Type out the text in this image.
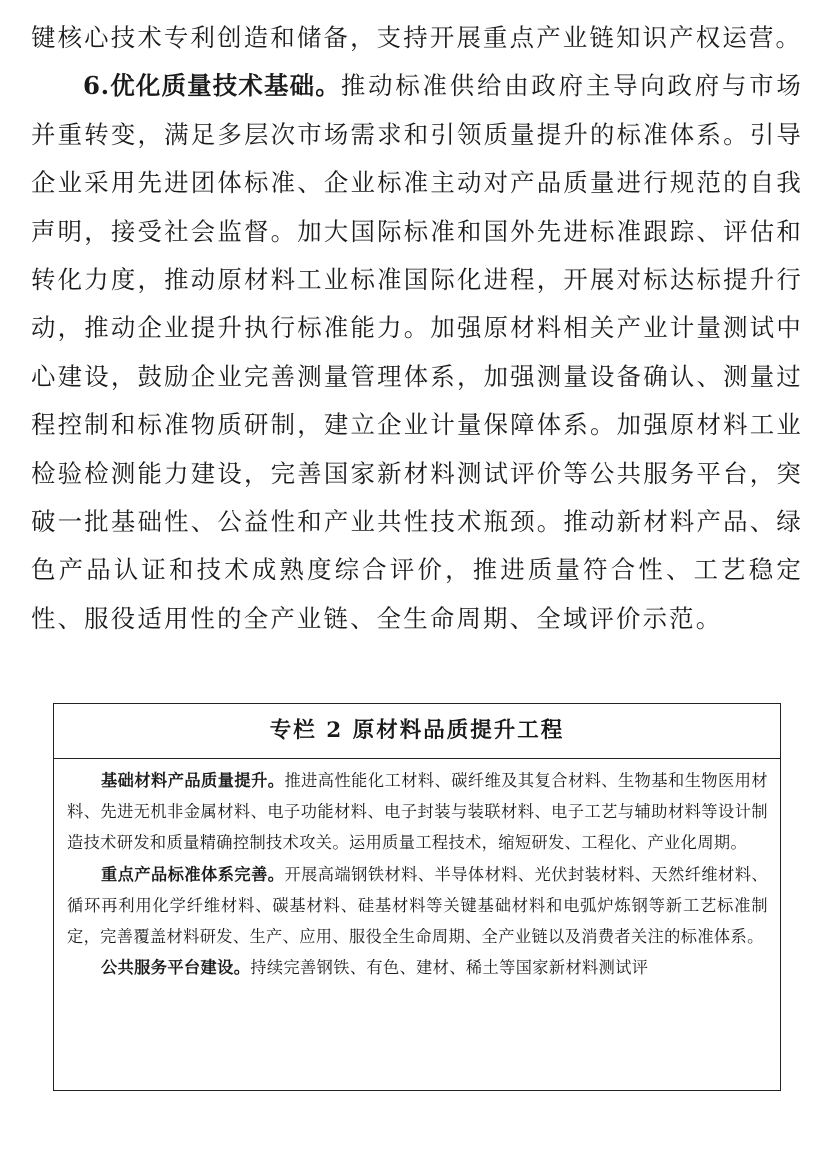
键核心技术专利创造和储备，支持开展重点产业链知识产权运营。

6.优化质量技术基础。推动标准供给由政府主导向政府与市场并重转变，满足多层次市场需求和引领质量提升的标准体系。引导企业采用先进团体标准、企业标准主动对产品质量进行规范的自我声明，接受社会监督。加大国际标准和国外先进标准跟踪、评估和转化力度，推动原材料工业标准国际化进程，开展对标达标提升行动，推动企业提升执行标准能力。加强原材料相关产业计量测试中心建设，鼓励企业完善测量管理体系，加强测量设备确认、测量过程控制和标准物质研制，建立企业计量保障体系。加强原材料工业检验检测能力建设，完善国家新材料测试评价等公共服务平台，突破一批基础性、公益性和产业共性技术瓶颈。推动新材料产品、绿色产品认证和技术成熟度综合评价，推进质量符合性、工艺稳定性、服役适用性的全产业链、全生命周期、全域评价示范。

专栏 2 原材料品质提升工程

基础材料产品质量提升。推进高性能化工材料、碳纤维及其复合材料、生物基和生物医用材料、先进无机非金属材料、电子功能材料、电子封装与装联材料、电子工艺与辅助材料等设计制造技术研发和质量精确控制技术攻关。运用质量工程技术，缩短研发、工程化、产业化周期。

重点产品标准体系完善。开展高端钢铁材料、半导体材料、光伏封装材料、天然纤维材料、循环再利用化学纤维材料、碳基材料、硅基材料等关键基础材料和电弧炉炼钢等新工艺标准制定，完善覆盖材料研发、生产、应用、服役全生命周期、全产业链以及消费者关注的标准体系。

公共服务平台建设。持续完善钢铁、有色、建材、稀土等国家新材料测试评
